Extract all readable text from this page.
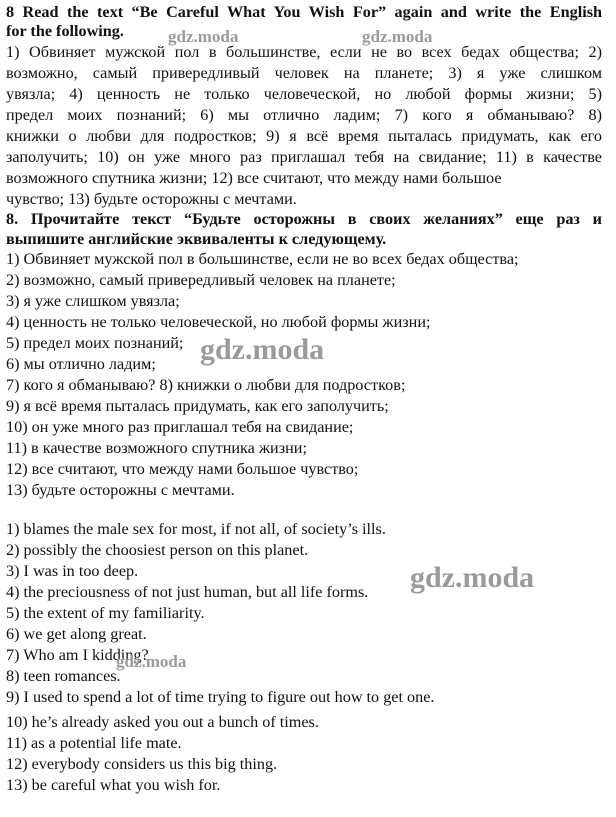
8 Read the text “Be Careful What You Wish For” again and write the English
for the following.
1) Обвиняет мужской пол в большинстве, если не во всех бедах общества; 2)
возможно, самый привередливый человек на планете; 3) я уже слишком
увязла; 4) ценность не только человеческой, но любой формы жизни; 5)
предел моих познаний; 6) мы отлично ладим; 7) кого я обманываю? 8)
книжки о любви для подростков; 9) я всё время пыталась придумать, как его
заполучить; 10) он уже много раз приглашал тебя на свидание; 11) в качестве
возможного спутника жизни; 12) все считают, что между нами большое
чувство; 13) будьте осторожны с мечтами.
8. Прочитайте текст “Будьте осторожны в своих желаниях” еще раз и
выпишите английские эквиваленты к следующему.
1) Обвиняет мужской пол в большинстве, если не во всех бедах общества;
2) возможно, самый привередливый человек на планете;
3) я уже слишком увязла;
4) ценность не только человеческой, но любой формы жизни;
5) предел моих познаний;
6) мы отлично ладим;
7) кого я обманываю? 8) книжки о любви для подростков;
9) я всё время пыталась придумать, как его заполучить;
10) он уже много раз приглашал тебя на свидание;
11) в качестве возможного спутника жизни;
12) все считают, что между нами большое чувство;
13) будьте осторожны с мечтами.
1) blames the male sex for most, if not all, of society’s ills.
2) possibly the choosiest person on this planet.
3) I was in too deep.
4) the preciousness of not just human, but all life forms.
5) the extent of my familiarity.
6) we get along great.
7) Who am I kidding?
8) teen romances.
9) I used to spend a lot of time trying to figure out how to get one.
10) he’s already asked you out a bunch of times.
11) as a potential life mate.
12) everybody considers us this big thing.
13) be careful what you wish for.
gdz.moda	gdz.moda
gdz.moda
gdz.moda
gdz.moda
